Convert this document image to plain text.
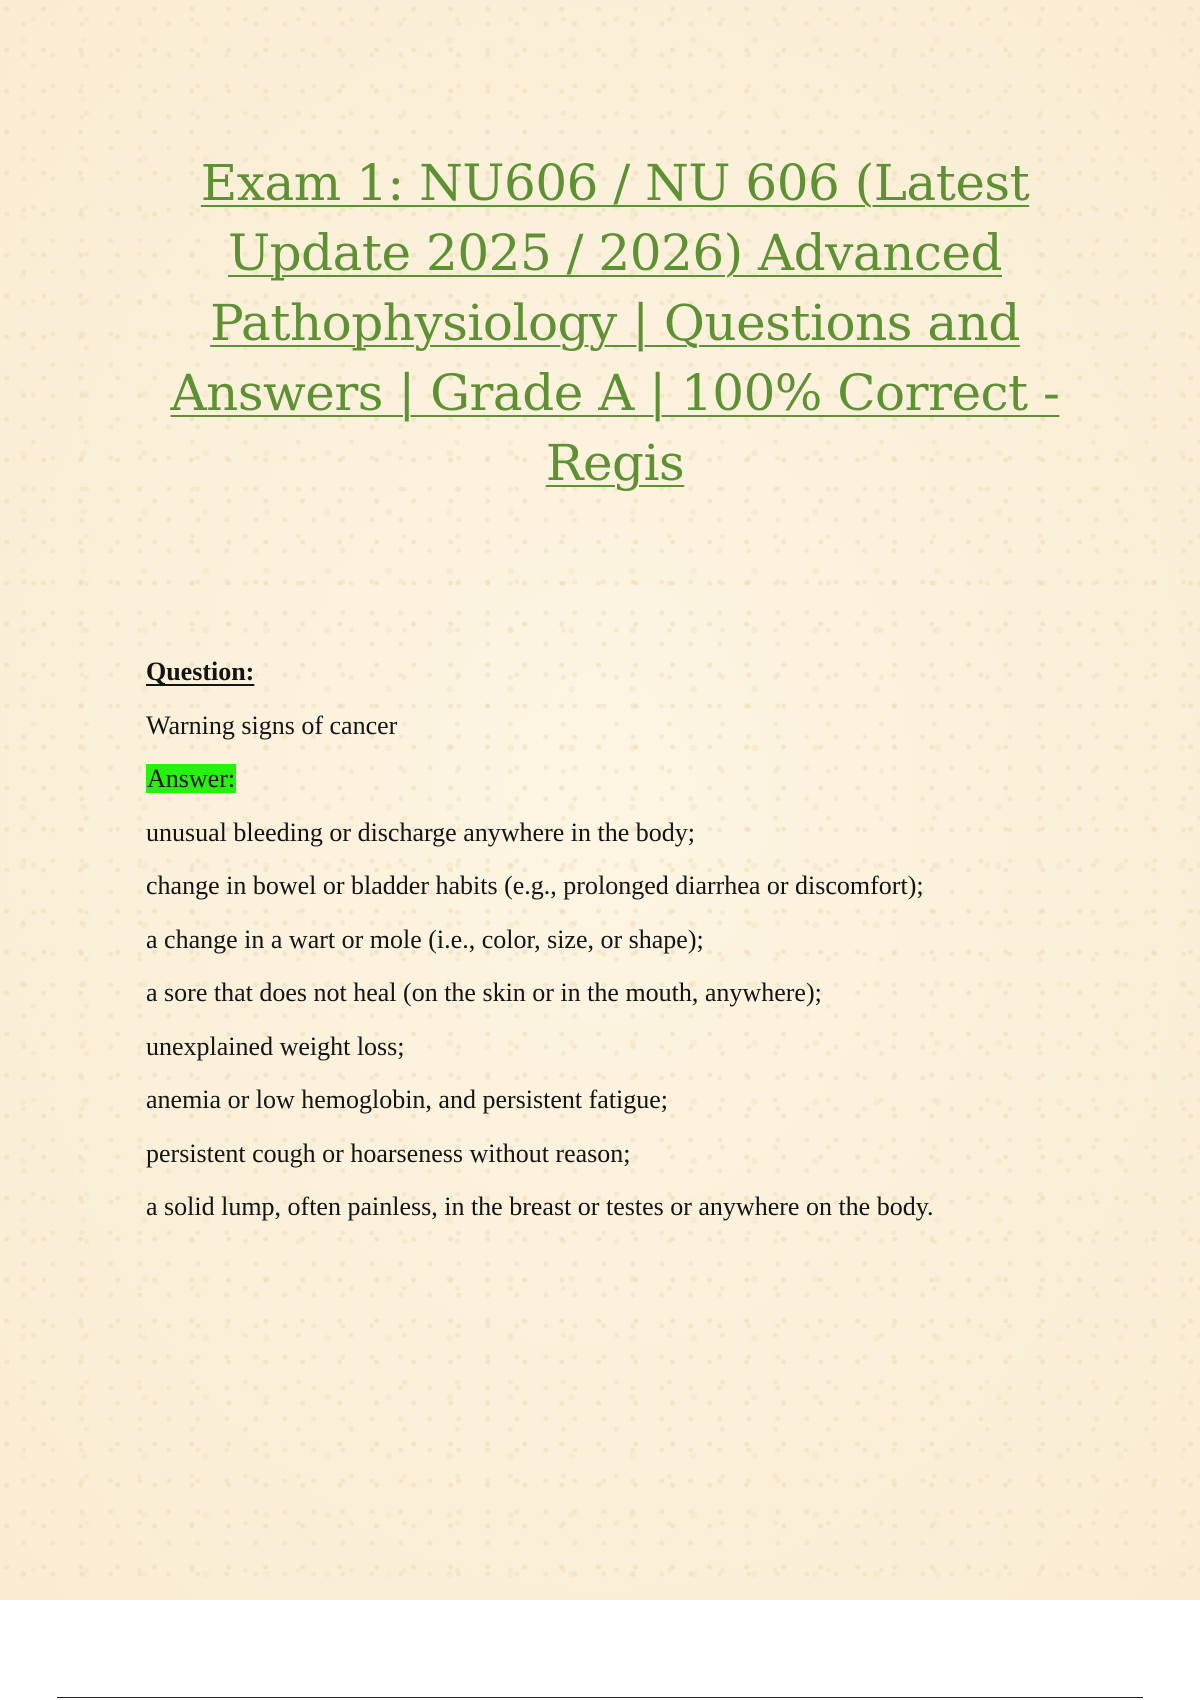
Exam 1: NU606 / NU 606 (Latest Update 2025 / 2026) Advanced Pathophysiology | Questions and Answers | Grade A | 100% Correct - Regis
Question:
Warning signs of cancer
Answer:
unusual bleeding or discharge anywhere in the body;
change in bowel or bladder habits (e.g., prolonged diarrhea or discomfort);
a change in a wart or mole (i.e., color, size, or shape);
a sore that does not heal (on the skin or in the mouth, anywhere);
unexplained weight loss;
anemia or low hemoglobin, and persistent fatigue;
persistent cough or hoarseness without reason;
a solid lump, often painless, in the breast or testes or anywhere on the body.
